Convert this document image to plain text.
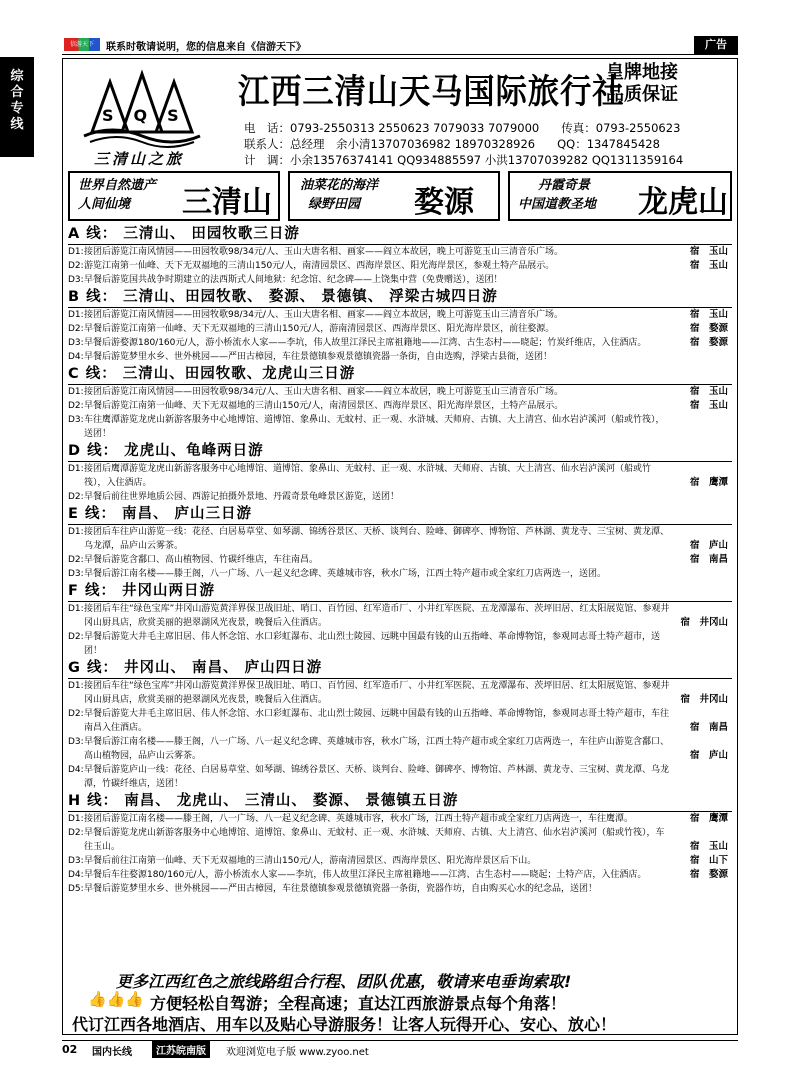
信游天下	联系时敬请说明，您的信息来自《信游天下》	广告
综合专线	SQS
三清山之旅
江西三清山天马国际旅行社
皇牌地接
品质保证
电　话：0793-2550313 2550623 7079033 7079000 传真：0793-2550623
联系人：总经理　余小清13707036982 18970328926 QQ：1347845428
计　调：小余13576374141 QQ934885597 小洪13707039282 QQ1311359164
世界自然遗产
人间仙境 三清山 油菜花的海洋
绿野田园 婺源	丹霞奇景
中国道教圣地 龙虎山
A 线： 三清山、 田园牧歌三日游
D1: 接团后游览江南风情园——田园牧歌98/34元/人、玉山大唐名相、画家——阎立本故居，晚上可游览玉山三清音乐广场。	宿　玉山
D2: 游览江南第一仙峰、天下无双福地的三清山150元/人，南清园景区、西海岸景区、阳光海岸景区，参观土特产品展示。	宿　玉山
D3: 早餐后游览国共战争时期建立的法西斯式人间地狱：纪念馆、纪念碑——上饶集中营（免费赠送），送团！
B 线： 三清山、田园牧歌、 婺源、 景德镇、 浮梁古城四日游
D1: 接团后游览江南风情园——田园牧歌98/34元/人、玉山大唐名相、画家——阎立本故居，晚上可游览玉山三清音乐广场。	宿　玉山
D2: 早餐后游览江南第一仙峰、天下无双福地的三清山150元/人，游南清园景区、西海岸景区、阳光海岸景区，前往婺源。	宿　婺源
D3: 早餐后游婺源180/160元/人，游小桥流水人家——李坑，伟人故里江泽民主席祖籍地——江湾、古生态村——晓起；竹炭纤维店，入住酒店。	宿　婺源
D4: 早餐后游览梦里水乡、世外桃园——严田古樟园，车往景德镇参观景德镇瓷器一条街，自由选购，浮梁古县衙，送团！
C 线： 三清山、田园牧歌、龙虎山三日游
D1: 接团后游览江南风情园——田园牧歌98/34元/人、玉山大唐名相、画家——阎立本故居，晚上可游览玉山三清音乐广场。	宿　玉山
D2: 早餐后游览江南第一仙峰、天下无双福地的三清山150元/人，南清园景区、西海岸景区、阳光海岸景区，土特产品展示。	宿　玉山
D3: 车往鹰潭游览龙虎山新游客服务中心地博馆、道博馆、象鼻山、无蚊村、正一观、水浒城、天师府、古镇、大上清宫、仙水岩泸溪河（船或竹筏），送团！
D 线： 龙虎山、龟峰两日游
D1: 接团后鹰潭游览龙虎山新游客服务中心地博馆、道博馆、象鼻山、无蚊村、正一观、水浒城、天师府、古镇、大上清宫、仙水岩泸溪河（船或竹筏），入住酒店。	宿　鹰潭
D2: 早餐后前往世界地质公园、西游记拍摄外景地、丹霞奇景龟峰景区游览，送团！
E 线： 南昌、 庐山三日游
D1: 接团后车往庐山游览一线：花径、白居易草堂、如琴湖、锦绣谷景区、天桥、谈判台、险峰、御碑亭、博物馆、芦林湖、黄龙寺、三宝树、黄龙潭、乌龙潭，品庐山云雾茶。	宿　庐山
D2: 早餐后游览含鄱口、高山植物园、竹碳纤维店，车往南昌。	宿　南昌
D3: 早餐后游江南名楼——滕王阁，八一广场、八一起义纪念碑、英雄城市容，秋水广场，江西土特产超市或全家红刀店两选一，送团。
F 线： 井冈山两日游
D1: 接团后车往“绿色宝库”井冈山游览黄洋界保卫战旧址、哨口、百竹园、红军造币厂、小井红军医院、五龙潭瀑布、茨坪旧居、红太阳展览馆、参观井冈山厨具店，欣赏美丽的挹翠湖风光夜景，晚餐后入住酒店。	宿　井冈山
D2: 早餐后游览大井毛主席旧居、伟人怀念馆、水口彩虹瀑布、北山烈士陵园、远眺中国最有钱的山五指峰、革命博物馆，参观同志哥土特产超市，送团！
G 线： 井冈山、 南昌、 庐山四日游
D1: 接团后车往“绿色宝库”井冈山游览黄洋界保卫战旧址、哨口、百竹园、红军造币厂、小井红军医院、五龙潭瀑布、茨坪旧居、红太阳展览馆、参观井冈山厨具店，欣赏美丽的挹翠湖风光夜景，晚餐后入住酒店。	宿　井冈山
D2: 早餐后游览大井毛主席旧居、伟人怀念馆、水口彩虹瀑布、北山烈士陵园、远眺中国最有钱的山五指峰、革命博物馆，参观同志哥土特产超市，车往南昌入住酒店。	宿　南昌
D3: 早餐后游江南名楼——滕王阁，八一广场、八一起义纪念碑、英雄城市容，秋水广场，江西土特产超市或全家红刀店两选一，车往庐山游览含鄱口、高山植物园，品庐山云雾茶。	宿　庐山
D4: 早餐后游览庐山一线：花径、白居易草堂、如琴湖、锦绣谷景区、天桥、谈判台、险峰、御碑亭、博物馆、芦林湖、黄龙寺、三宝树、黄龙潭、乌龙潭，竹碳纤维店，送团！
H 线： 南昌、 龙虎山、 三清山、 婺源、 景德镇五日游
D1: 接团后游览江南名楼——滕王阁，八一广场、八一起义纪念碑、英雄城市容，秋水广场，江西土特产超市或全家红刀店两选一，车往鹰潭。	宿　鹰潭
D2: 早餐后游览龙虎山新游客服务中心地博馆、道博馆、象鼻山、无蚊村、正一观、水浒城、天师府、古镇、大上清宫、仙水岩泸溪河（船或竹筏），车往玉山。	宿　玉山
D3: 早餐后前往江南第一仙峰、天下无双福地的三清山150元/人，游南清园景区、西海岸景区、阳光海岸景区后下山。	宿　山下
D4: 早餐后车往婺源180/160元/人，游小桥流水人家——李坑，伟人故里江泽民主席祖籍地——江湾、古生态村——晓起；土特产店，入住酒店。	宿　婺源
D5: 早餐后游览梦里水乡、世外桃园——严田古樟园，车往景德镇参观景德镇瓷器一条街，瓷器作坊，自由购买心水的纪念品，送团！
更多江西红色之旅线路组合行程、团队优惠，敬请来电垂询索取!
👍👍👍 方便轻松自驾游；全程高速；直达江西旅游景点每个角落！
代订江西各地酒店、用车以及贴心导游服务！让客人玩得开心、安心、放心！
02 国内长线	江苏皖南版	欢迎浏览电子版 www.zyoo.net
